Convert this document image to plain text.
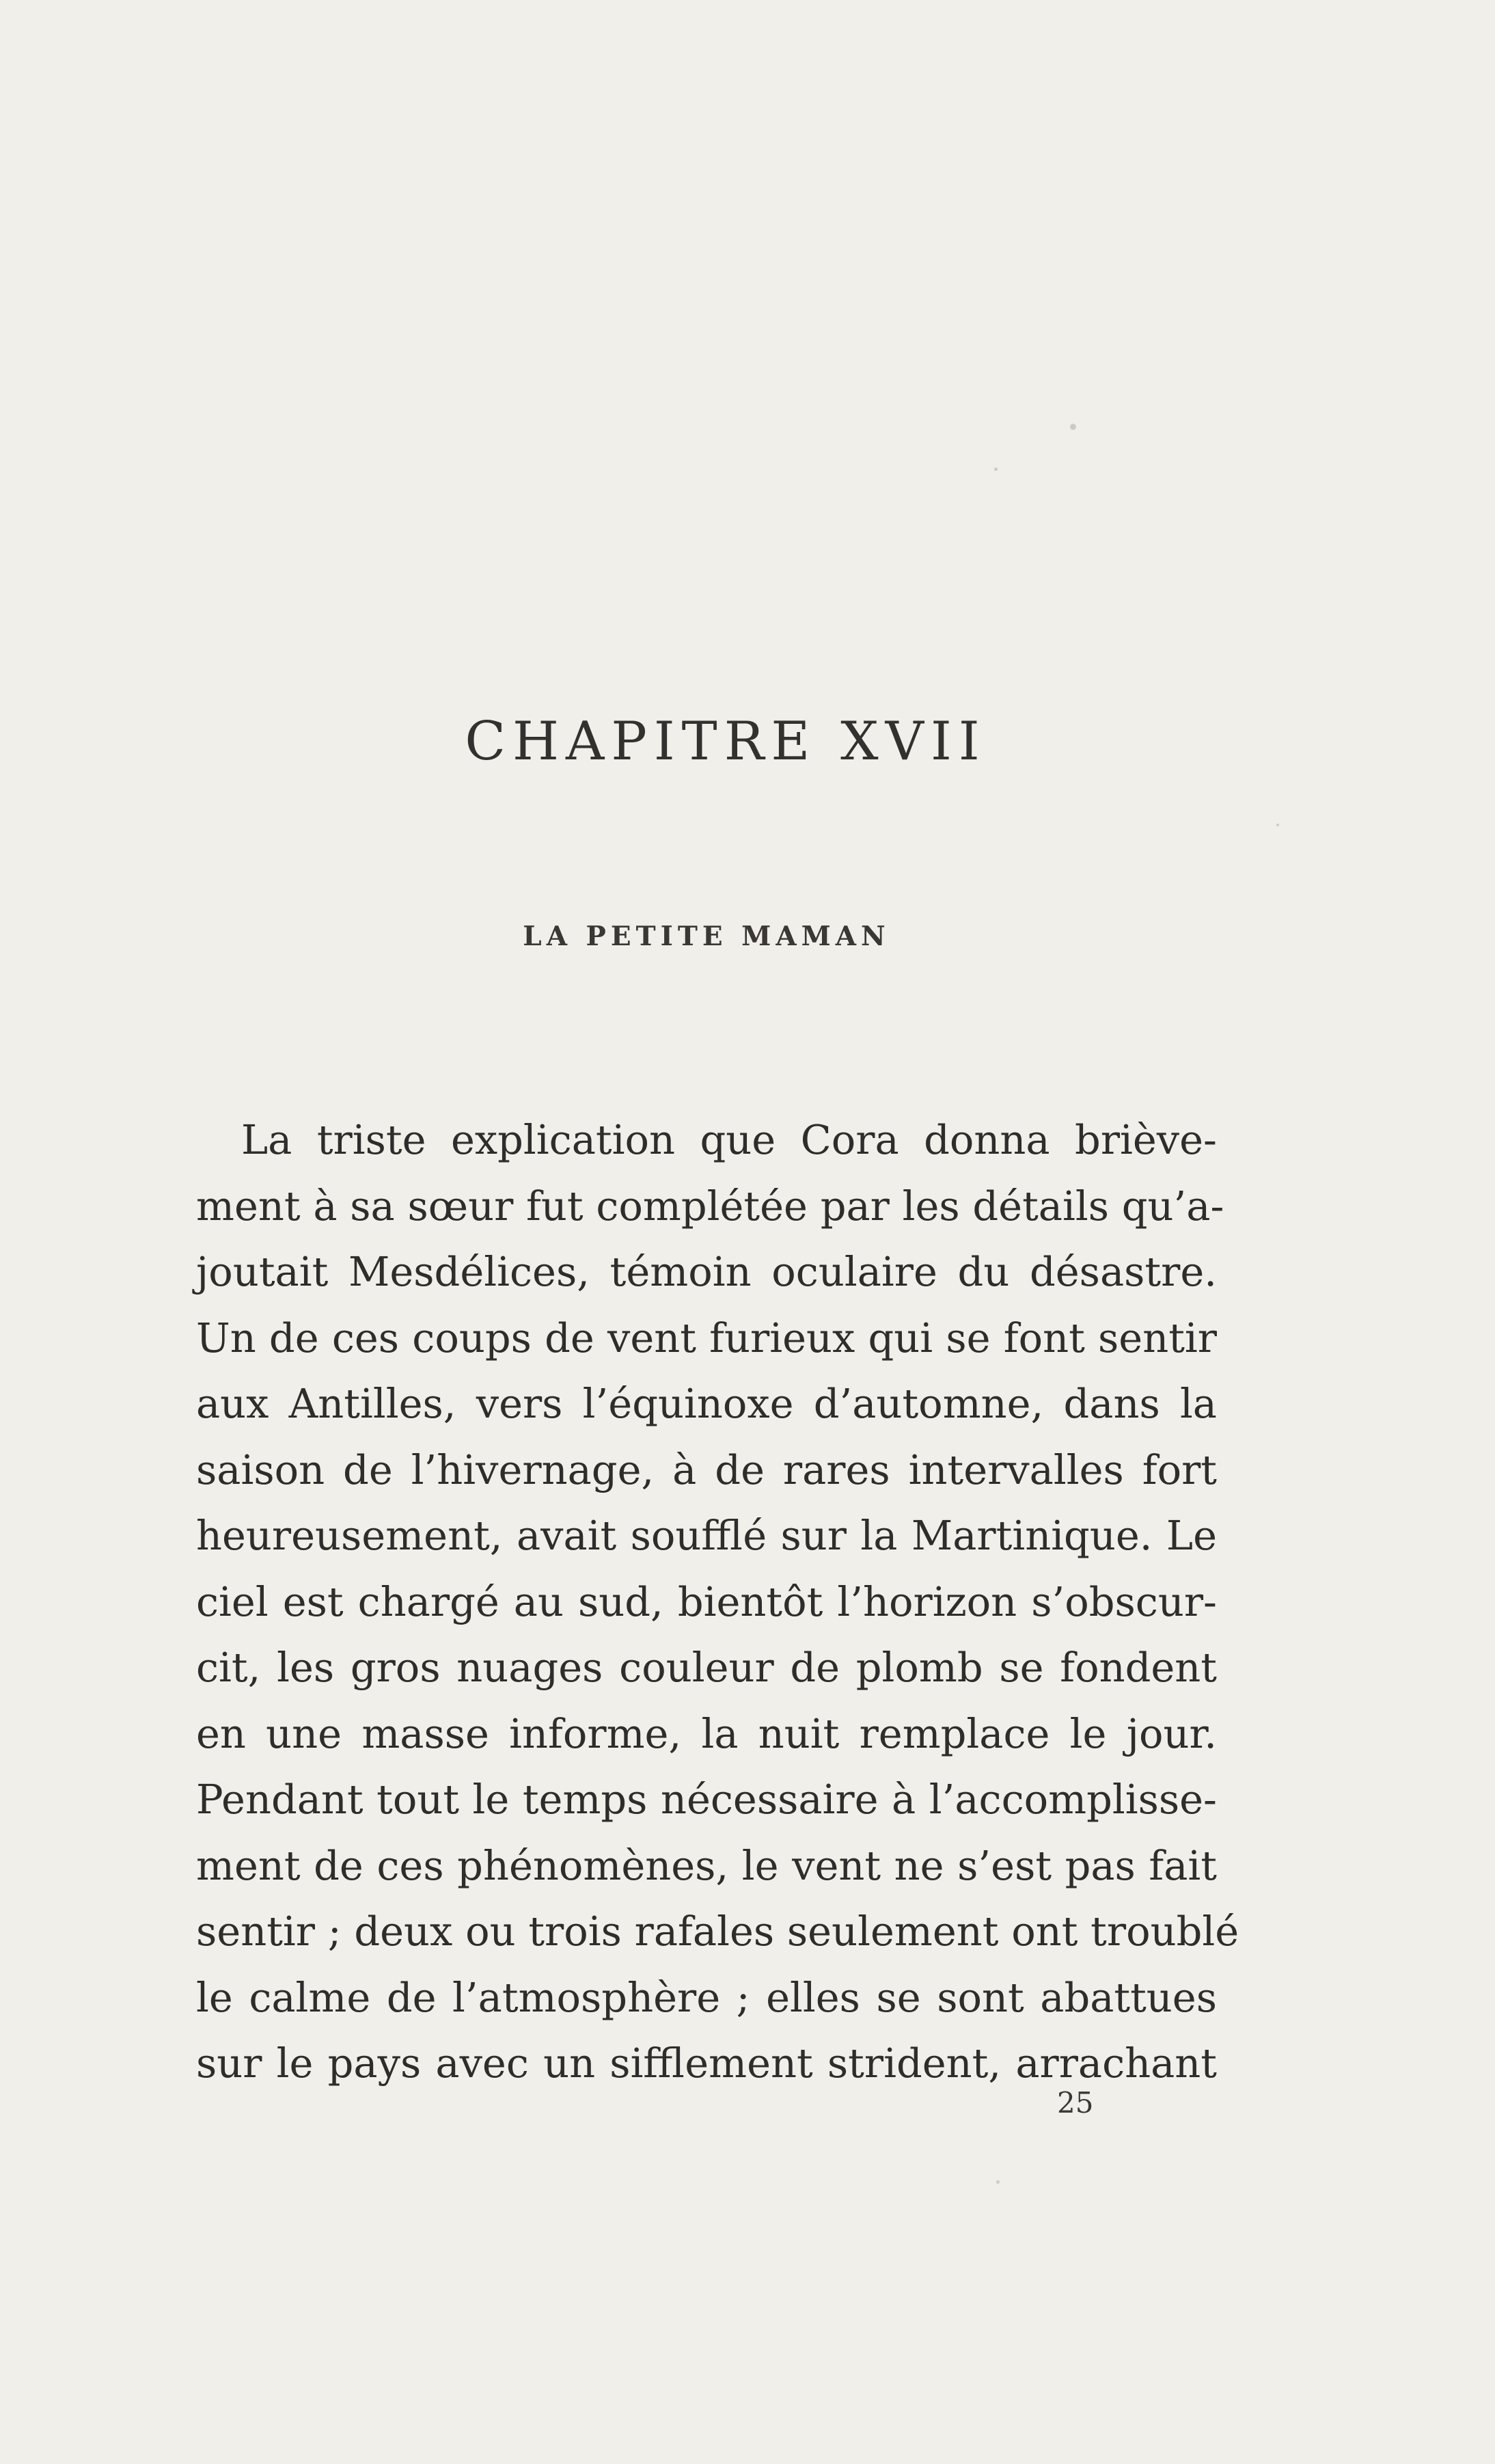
CHAPITRE XVII
LA PETITE MAMAN
La triste explication que Cora donna briève-
ment à sa sœur fut complétée par les détails qu’a-
joutait Mesdélices, témoin oculaire du désastre.
Un de ces coups de vent furieux qui se font sentir
aux Antilles, vers l’équinoxe d’automne, dans la
saison de l’hivernage, à de rares intervalles fort
heureusement, avait soufflé sur la Martinique. Le
ciel est chargé au sud, bientôt l’horizon s’obscur-
cit, les gros nuages couleur de plomb se fondent
en une masse informe, la nuit remplace le jour.
Pendant tout le temps nécessaire à l’accomplisse-
ment de ces phénomènes, le vent ne s’est pas fait
sentir ; deux ou trois rafales seulement ont troublé
le calme de l’atmosphère ; elles se sont abattues
sur le pays avec un sifflement strident, arrachant

25
